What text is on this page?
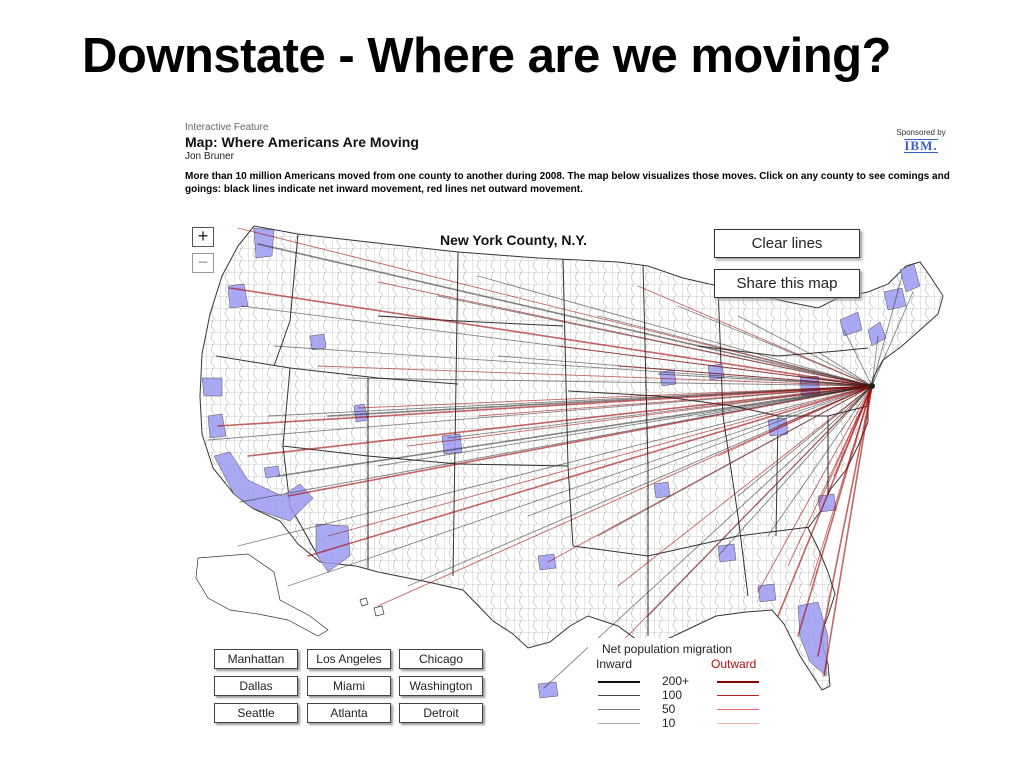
Downstate - Where are we moving?
Interactive Feature
Map: Where Americans Are Moving
Jon Bruner
More than 10 million Americans moved from one county to another during 2008. The map below visualizes those moves. Click on any county to see comings and goings: black lines indicate net inward movement, red lines net outward movement.
Sponsored by
IBM.
+
−
New York County, N.Y.	Clear lines
Share this map
Manhattan	Los Angeles	Chicago
Dallas	Miami	Washington
Seattle	Atlanta	Detroit
Net population migration
Inward	Outward
200+
100
50
10
